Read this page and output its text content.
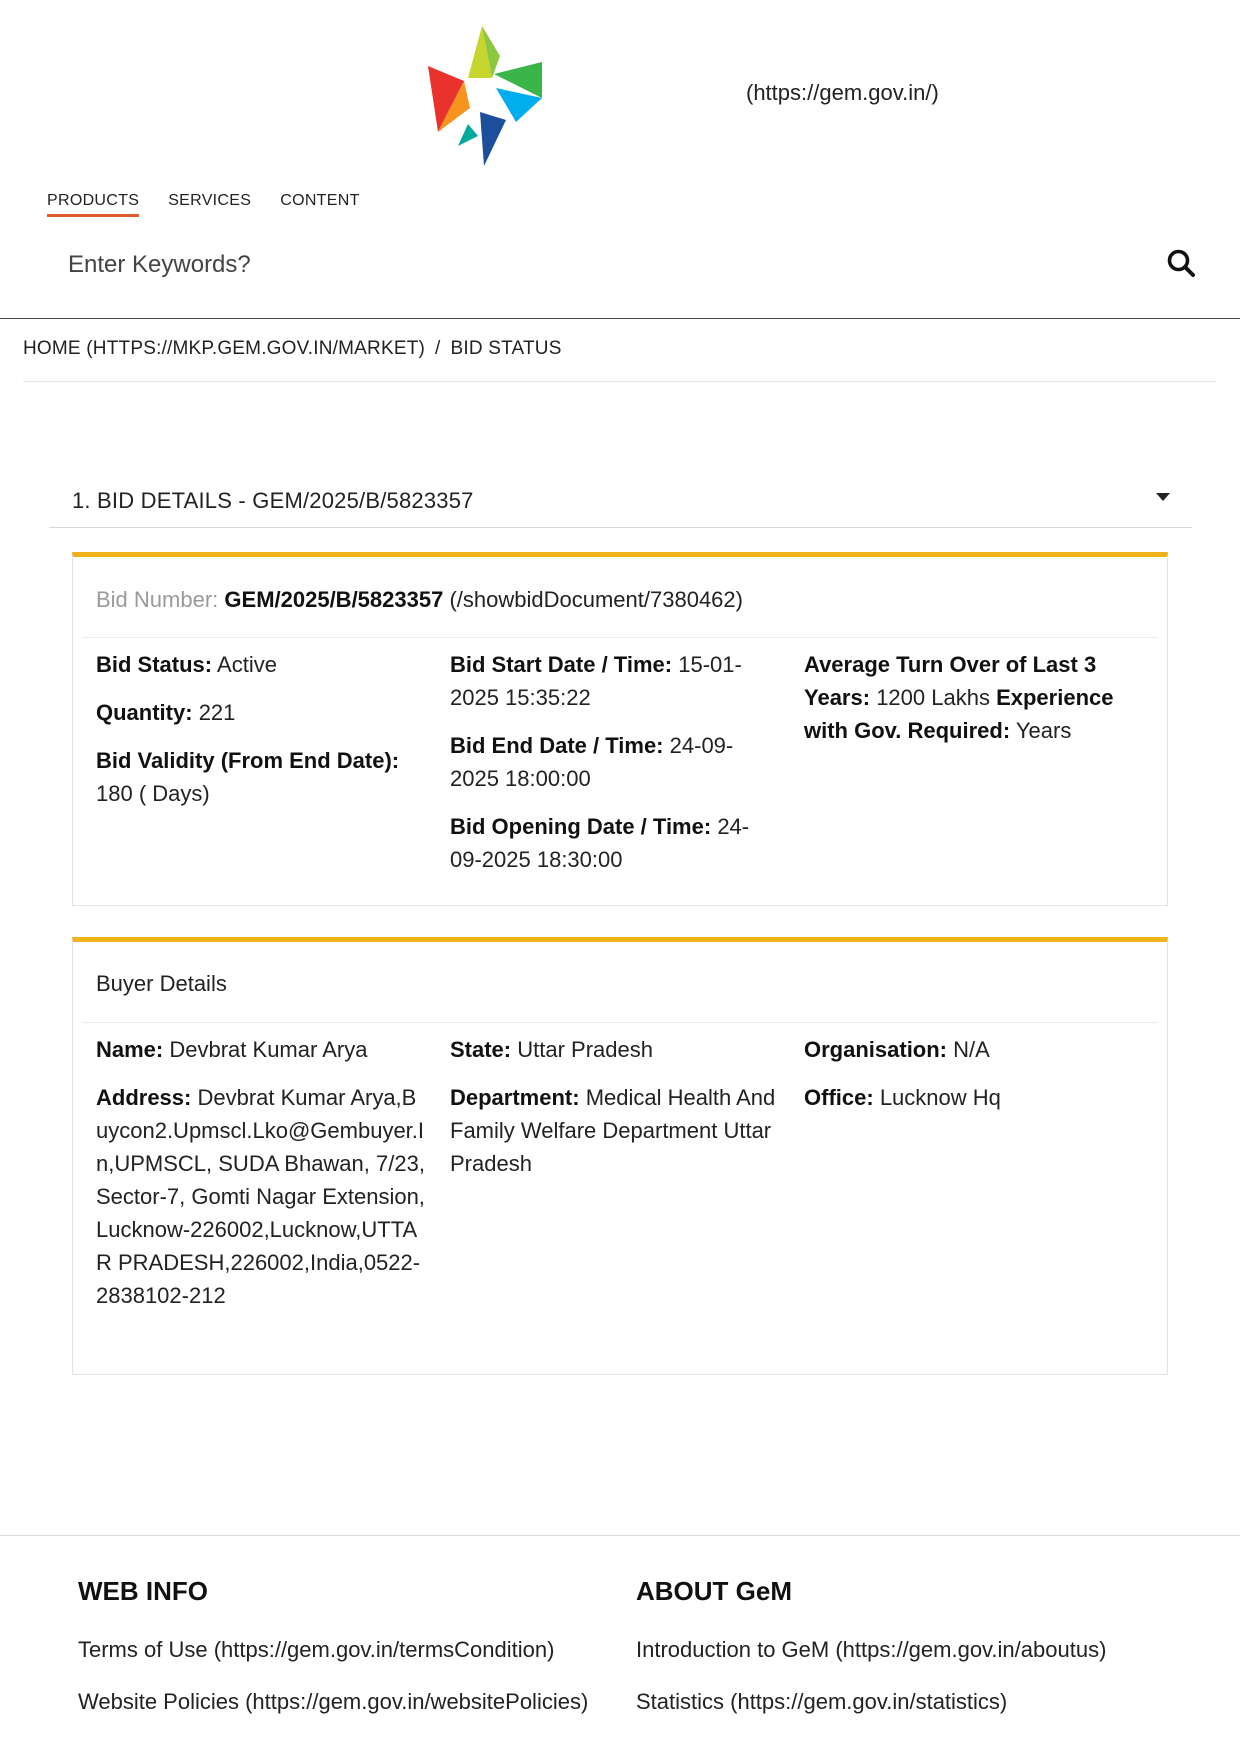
(https://gem.gov.in/)
PRODUCTS SERVICES CONTENT
Enter Keywords?
HOME (HTTPS://MKP.GEM.GOV.IN/MARKET) / BID STATUS
1. BID DETAILS - GEM/2025/B/5823357
Bid Number: GEM/2025/B/5823357 (/showbidDocument/7380462)
Bid Status: Active
Quantity: 221
Bid Validity (From End Date): 180 ( Days)
Bid Start Date / Time: 15-01-2025 15:35:22
Bid End Date / Time: 24-09-2025 18:00:00
Bid Opening Date / Time: 24-09-2025 18:30:00
Average Turn Over of Last 3 Years: 1200 Lakhs Experience with Gov. Required: Years
Buyer Details
Name: Devbrat Kumar Arya
Address: Devbrat Kumar Arya,Buycon2.Upmscl.Lko@Gembuyer.In,UPMSCL, SUDA Bhawan, 7/23, Sector-7, Gomti Nagar Extension, Lucknow-226002,Lucknow,UTTAR PRADESH,226002,India,0522-2838102-212
State: Uttar Pradesh
Department: Medical Health And Family Welfare Department Uttar Pradesh
Organisation: N/A
Office: Lucknow Hq
WEB INFO
Terms of Use (https://gem.gov.in/termsCondition)
Website Policies (https://gem.gov.in/websitePolicies)
ABOUT GeM
Introduction to GeM (https://gem.gov.in/aboutus)
Statistics (https://gem.gov.in/statistics)
